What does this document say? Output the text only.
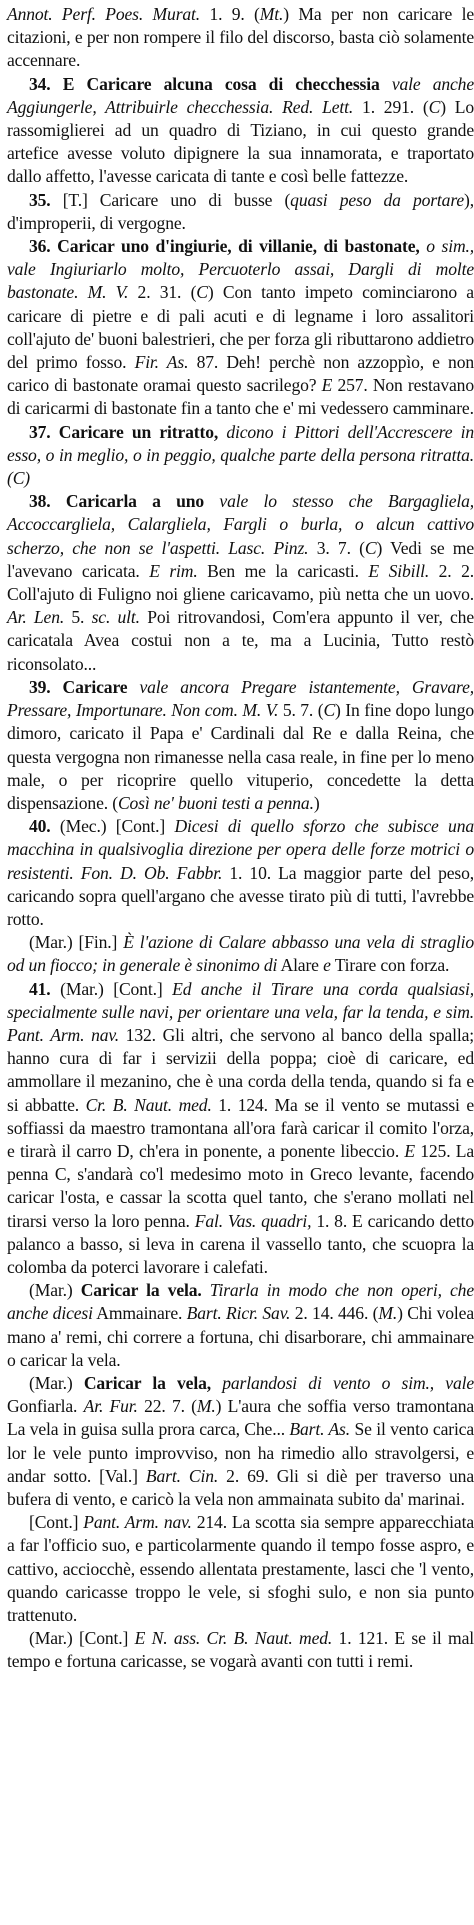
Annot. Perf. Poes. Murat. 1. 9. (Mt.) Ma per non caricare le citazioni, e per non rompere il filo del discorso, basta ciò solamente accennare.

34. E Caricare alcuna cosa di checchessia vale anche Aggiungerle, Attribuirle checchessia. Red. Lett. 1. 291. (C) Lo rassomiglierei ad un quadro di Tiziano, in cui questo grande artefice avesse voluto dipignere la sua innamorata, e traportato dallo affetto, l'avesse caricata di tante e così belle fattezze.

35. [T.] Caricare uno di busse (quasi peso da portare), d'improperii, di vergogne.

36. Caricar uno d'ingiurie, di villanie, di bastonate, o sim., vale Ingiuriarlo molto, Percuoterlo assai, Dargli di molte bastonate. M. V. 2. 31. (C) Con tanto impeto cominciarono a caricare di pietre e di pali acuti e di legname i loro assalitori coll'ajuto de' buoni balestrieri, che per forza gli ributtarono addietro del primo fosso. Fir. As. 87. Deh! perchè non azzoppìo, e non carico di bastonate oramai questo sacrilego? E 257. Non restavano di caricarmi di bastonate fin a tanto che e' mi vedessero camminare.

37. Caricare un ritratto, dicono i Pittori dell'Accrescere in esso, o in meglio, o in peggio, qualche parte della persona ritratta. (C)

38. Caricarla a uno vale lo stesso che Bargagliela, Accoccargliela, Calargliela, Fargli o burla, o alcun cattivo scherzo, che non se l'aspetti. Lasc. Pinz. 3. 7. (C) Vedi se me l'avevano caricata. E rim. Ben me la caricasti. E Sibill. 2. 2. Coll'ajuto di Fuligno noi gliene caricavamo, più netta che un uovo. Ar. Len. 5. sc. ult. Poi ritrovandosi, Com'era appunto il ver, che caricatala Avea costui non a te, ma a Lucinia, Tutto restò riconsolato...

39. Caricare vale ancora Pregare istantemente, Gravare, Pressare, Importunare. Non com. M. V. 5. 7. (C) In fine dopo lungo dimoro, caricato il Papa e' Cardinali dal Re e dalla Reina, che questa vergogna non rimanesse nella casa reale, in fine per lo meno male, o per ricoprire quello vituperio, concedette la detta dispensazione. (Così ne' buoni testi a penna.)

40. (Mec.) [Cont.] Dicesi di quello sforzo che subisce una macchina in qualsivoglia direzione per opera delle forze motrici o resistenti. Fon. D. Ob. Fabbr. 1. 10. La maggior parte del peso, caricando sopra quell'argano che avesse tirato più di tutti, l'avrebbe rotto.

(Mar.) [Fin.] È l'azione di Calare abbasso una vela di straglio od un fiocco; in generale è sinonimo di Alare e Tirare con forza.

41. (Mar.) [Cont.] Ed anche il Tirare una corda qualsiasi, specialmente sulle navi, per orientare una vela, far la tenda, e sim. Pant. Arm. nav. 132. Gli altri, che servono al banco della spalla; hanno cura di far i servizii della poppa; cioè di caricare, ed ammollare il mezanino, che è una corda della tenda, quando si fa e si abbatte. Cr. B. Naut. med. 1. 124. Ma se il vento se mutassi e soffiassi da maestro tramontana all'ora farà caricar il comito l'orza, e tirarà il carro D, ch'era in ponente, a ponente libeccio. E 125. La penna C, s'andarà co'l medesimo moto in Greco levante, facendo caricar l'osta, e cassar la scotta quel tanto, che s'erano mollati nel tirarsi verso la loro penna. Fal. Vas. quadri, 1. 8. E caricando detto palanco a basso, si leva in carena il vassello tanto, che scuopra la colomba da poterci lavorare i calefati.

(Mar.) Caricar la vela. Tirarla in modo che non operi, che anche dicesi Ammainare. Bart. Ricr. Sav. 2. 14. 446. (M.) Chi volea mano a' remi, chi correre a fortuna, chi disarborare, chi ammainare o caricar la vela.

(Mar.) Caricar la vela, parlandosi di vento o sim., vale Gonfiarla. Ar. Fur. 22. 7. (M.) L'aura che soffia verso tramontana La vela in guisa sulla prora carca, Che... Bart. As. Se il vento carica lor le vele punto improvviso, non ha rimedio allo stravolgersi, e andar sotto. [Val.] Bart. Cin. 2. 69. Gli si diè per traverso una bufera di vento, e caricò la vela non ammainata subito da' marinai.

[Cont.] Pant. Arm. nav. 214. La scotta sia sempre apparecchiata a far l'officio suo, e particolarmente quando il tempo fosse aspro, e cattivo, acciocchè, essendo allentata prestamente, lasci che 'l vento, quando caricasse troppo le vele, si sfoghi sulo, e non sia punto trattenuto.

(Mar.) [Cont.] E N. ass. Cr. B. Naut. med. 1. 121. E se il mal tempo e fortuna caricasse, se vogarà avanti con tutti i remi.
